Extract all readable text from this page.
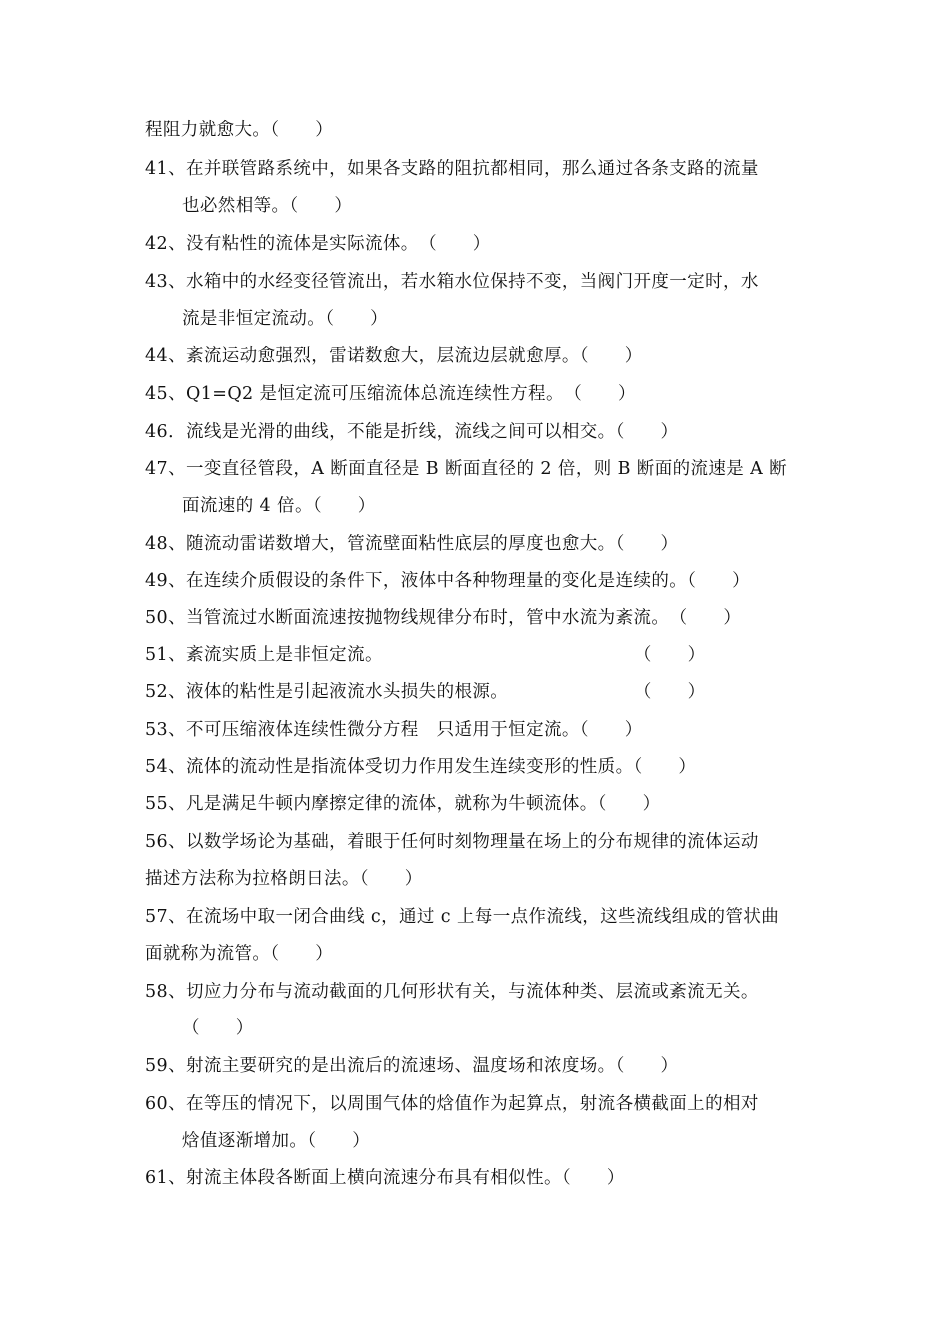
程阻力就愈大。（　　）
41、在并联管路系统中，如果各支路的阻抗都相同，那么通过各条支路的流量
也必然相等。（　　）
42、没有粘性的流体是实际流体。　（　　）
43、水箱中的水经变径管流出，若水箱水位保持不变，当阀门开度一定时，水
流是非恒定流动。（　　）
44、紊流运动愈强烈，雷诺数愈大，层流边层就愈厚。（　　）
45、Q1=Q2 是恒定流可压缩流体总流连续性方程。　（　　）
46．流线是光滑的曲线，不能是折线，流线之间可以相交。（　　）
47、一变直径管段，A 断面直径是 B 断面直径的 2 倍，则 B 断面的流速是 A 断
面流速的 4 倍。（　　）
48、随流动雷诺数增大，管流壁面粘性底层的厚度也愈大。（　　）
49、在连续介质假设的条件下，液体中各种物理量的变化是连续的。（　　）
50、当管流过水断面流速按抛物线规律分布时，管中水流为紊流。　（　　）
51、紊流实质上是非恒定流。　　　　　　　　　　　　　　　（　　）
52、液体的粘性是引起液流水头损失的根源。　　　　　　　　（　　）
53、不可压缩液体连续性微分方程　只适用于恒定流。（　　）
54、流体的流动性是指流体受切力作用发生连续变形的性质。（　　）
55、凡是满足牛顿内摩擦定律的流体，就称为牛顿流体。（　　）
56、以数学场论为基础，着眼于任何时刻物理量在场上的分布规律的流体运动
描述方法称为拉格朗日法。（　　）
57、在流场中取一闭合曲线 c，通过 c 上每一点作流线，这些流线组成的管状曲
面就称为流管。（　　）
58、切应力分布与流动截面的几何形状有关，与流体种类、层流或紊流无关。
（　　）
59、射流主要研究的是出流后的流速场、温度场和浓度场。（　　）
60、在等压的情况下，以周围气体的焓值作为起算点，射流各横截面上的相对
焓值逐渐增加。（　　）
61、射流主体段各断面上横向流速分布具有相似性。（　　）
